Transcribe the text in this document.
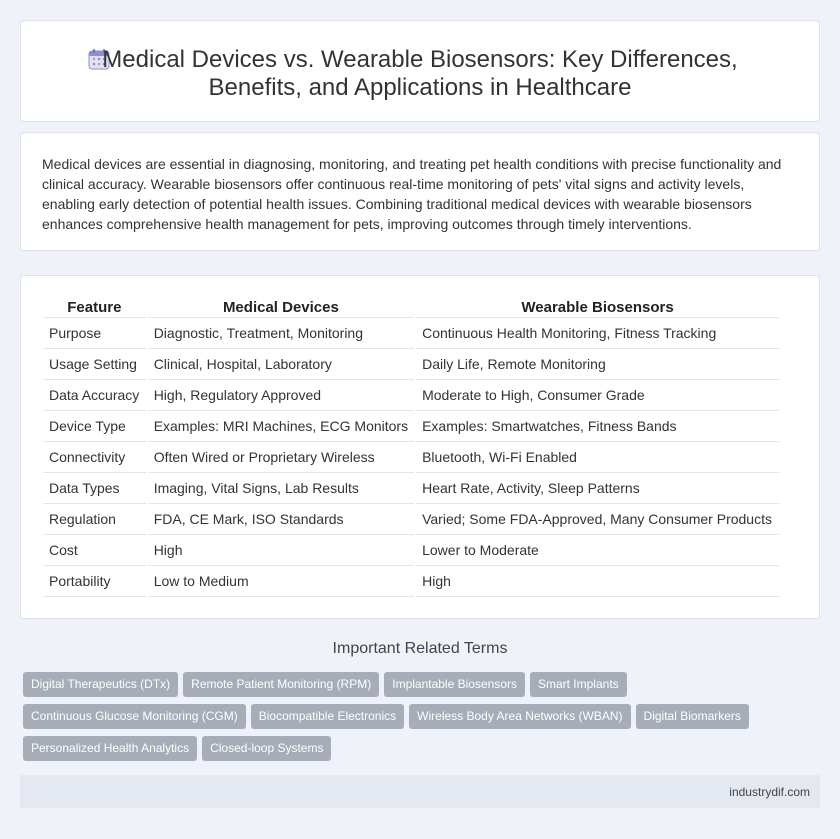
Medical Devices vs. Wearable Biosensors: Key Differences,
Benefits, and Applications in Healthcare

Medical devices are essential in diagnosing, monitoring, and treating pet health conditions with precise functionality and clinical accuracy. Wearable biosensors offer continuous real-time monitoring of pets' vital signs and activity levels, enabling early detection of potential health issues. Combining traditional medical devices with wearable biosensors enhances comprehensive health management for pets, improving outcomes through timely interventions.

Feature	Medical Devices	Wearable Biosensors
Purpose	Diagnostic, Treatment, Monitoring	Continuous Health Monitoring, Fitness Tracking
Usage Setting	Clinical, Hospital, Laboratory	Daily Life, Remote Monitoring
Data Accuracy	High, Regulatory Approved	Moderate to High, Consumer Grade
Device Type	Examples: MRI Machines, ECG Monitors	Examples: Smartwatches, Fitness Bands
Connectivity	Often Wired or Proprietary Wireless	Bluetooth, Wi-Fi Enabled
Data Types	Imaging, Vital Signs, Lab Results	Heart Rate, Activity, Sleep Patterns
Regulation	FDA, CE Mark, ISO Standards	Varied; Some FDA-Approved, Many Consumer Products
Cost	High	Lower to Moderate
Portability	Low to Medium	High
Important Related Terms
Digital Therapeutics (DTx) Remote Patient Monitoring (RPM) Implantable Biosensors Smart Implants
Continuous Glucose Monitoring (CGM) Biocompatible Electronics Wireless Body Area Networks (WBAN) Digital Biomarkers
Personalized Health Analytics Closed-loop Systems
industrydif.com
